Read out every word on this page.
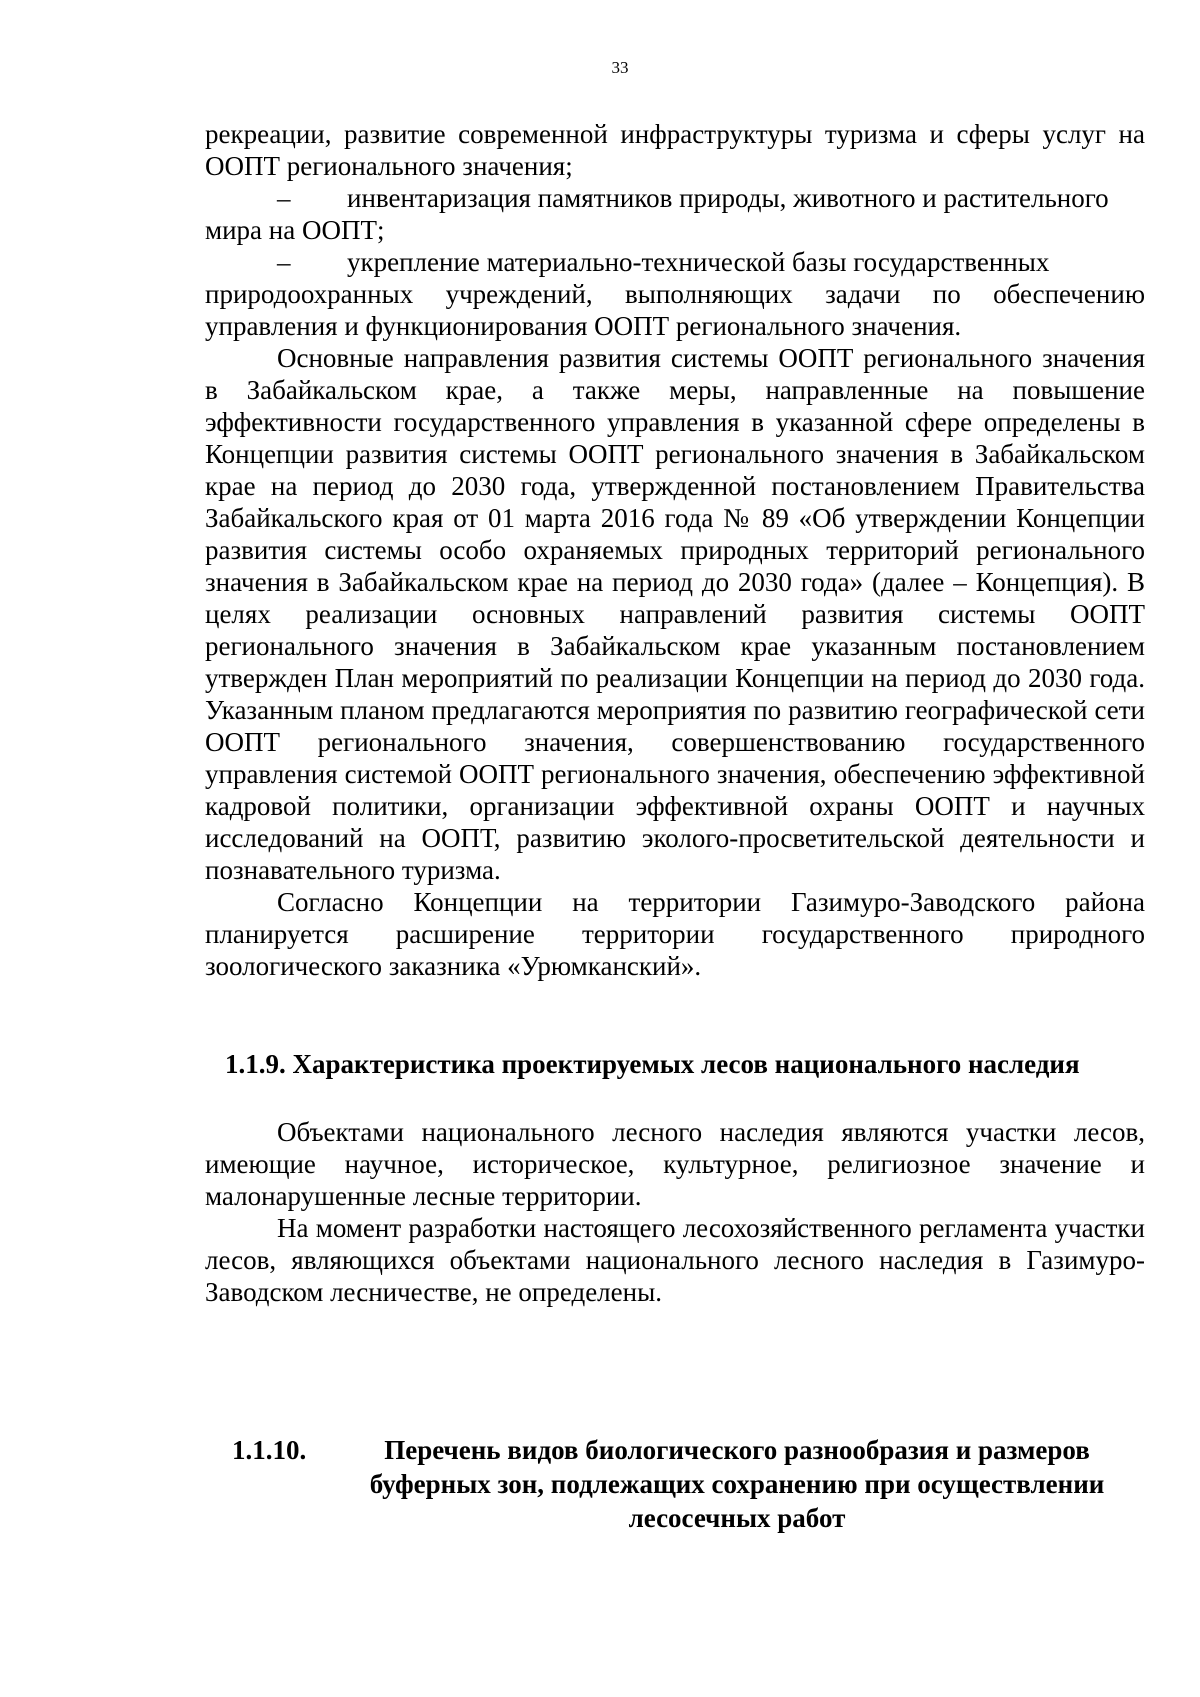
33

рекреации, развитие современной инфраструктуры туризма и сферы услуг на ООПТ регионального значения;

–	инвентаризация памятников природы, животного и растительного

мира на ООПТ;

–	укрепление материально-технической базы государственных

природоохранных учреждений, выполняющих задачи по обеспечению управления и функционирования ООПТ регионального значения.

Основные направления развития системы ООПТ регионального значения в Забайкальском крае, а также меры, направленные на повышение эффективности государственного управления в указанной сфере определены в Концепции развития системы ООПТ регионального значения в Забайкальском крае на период до 2030 года, утвержденной постановлением Правительства Забайкальского края от 01 марта 2016 года № 89 «Об утверждении Концепции развития системы особо охраняемых природных территорий регионального значения в Забайкальском крае на период до 2030 года» (далее – Концепция). В целях реализации основных направлений развития системы ООПТ регионального значения в Забайкальском крае указанным постановлением утвержден План мероприятий по реализации Концепции на период до 2030 года. Указанным планом предлагаются мероприятия по развитию географической сети ООПТ регионального значения, совершенствованию государственного управления системой ООПТ регионального значения, обеспечению эффективной кадровой политики, организации эффективной охраны ООПТ и научных исследований на ООПТ, развитию эколого-просветительской деятельности и познавательного туризма.

Согласно Концепции на территории Газимуро-Заводского района планируется расширение территории государственного природного зоологического заказника «Урюмканский».

1.1.9. Характеристика проектируемых лесов национального наследия

Объектами национального лесного наследия являются участки лесов, имеющие научное, историческое, культурное, религиозное значение и малонарушенные лесные территории.

На момент разработки настоящего лесохозяйственного регламента участки лесов, являющихся объектами национального лесного наследия в Газимуро-Заводском лесничестве, не определены.

1.1.10.	Перечень видов биологического разнообразия и размеров буферных зон, подлежащих сохранению при осуществлении лесосечных работ
